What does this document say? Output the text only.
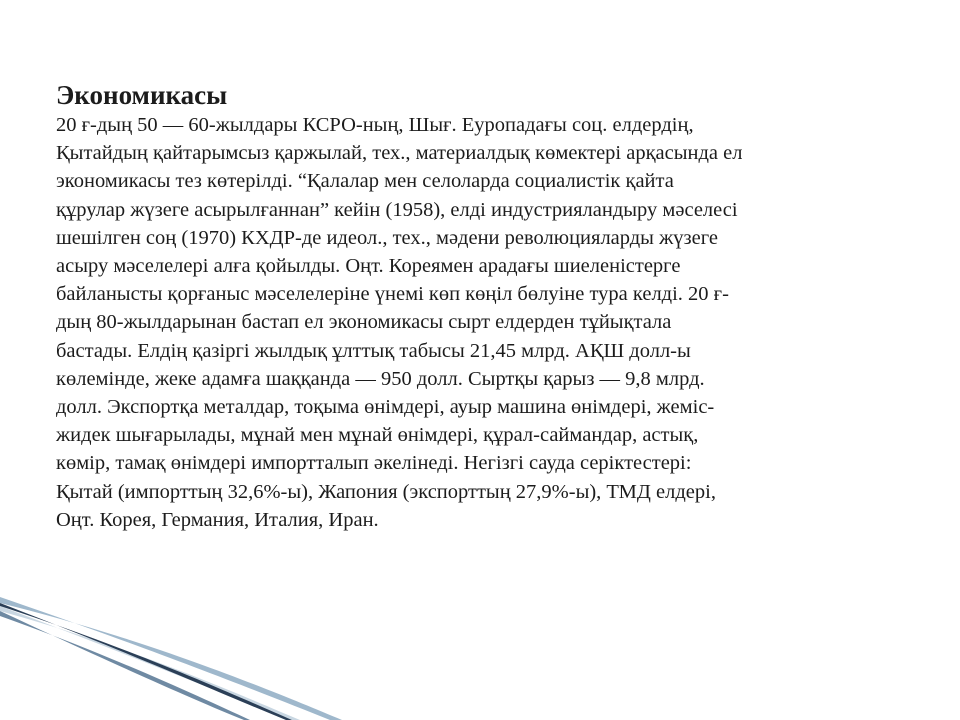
Экономикасы
20 ғ-дың 50 — 60-жылдары КСРО-ның, Шығ. Еуропадағы соц. елдердің,
Қытайдың қайтарымсыз қаржылай, тех., материалдық көмектері арқасында ел
экономикасы тез көтерілді. “Қалалар мен селоларда социалистік қайта
құрулар жүзеге асырылғаннан” кейін (1958), елді индустрияландыру мәселесі
шешілген соң (1970) КХДР-де идеол., тех., мәдени революцияларды жүзеге
асыру мәселелері алға қойылды. Оңт. Кореямен арадағы шиеленістерге
байланысты қорғаныс мәселелеріне үнемі көп көңіл бөлуіне тура келді. 20 ғ-
дың 80-жылдарынан бастап ел экономикасы сырт елдерден тұйықтала
бастады. Елдің қазіргі жылдық ұлттық табысы 21,45 млрд. АҚШ долл-ы
көлемінде, жеке адамға шаққанда — 950 долл. Сыртқы қарыз — 9,8 млрд.
долл. Экспортқа металдар, тоқыма өнімдері, ауыр машина өнімдері, жеміс-
жидек шығарылады, мұнай мен мұнай өнімдері, құрал-саймандар, астық,
көмір, тамақ өнімдері импортталып әкелінеді. Негізгі сауда серіктестері:
Қытай (импорттың 32,6%-ы), Жапония (экспорттың 27,9%-ы), ТМД елдері,
Оңт. Корея, Германия, Италия, Иран.
